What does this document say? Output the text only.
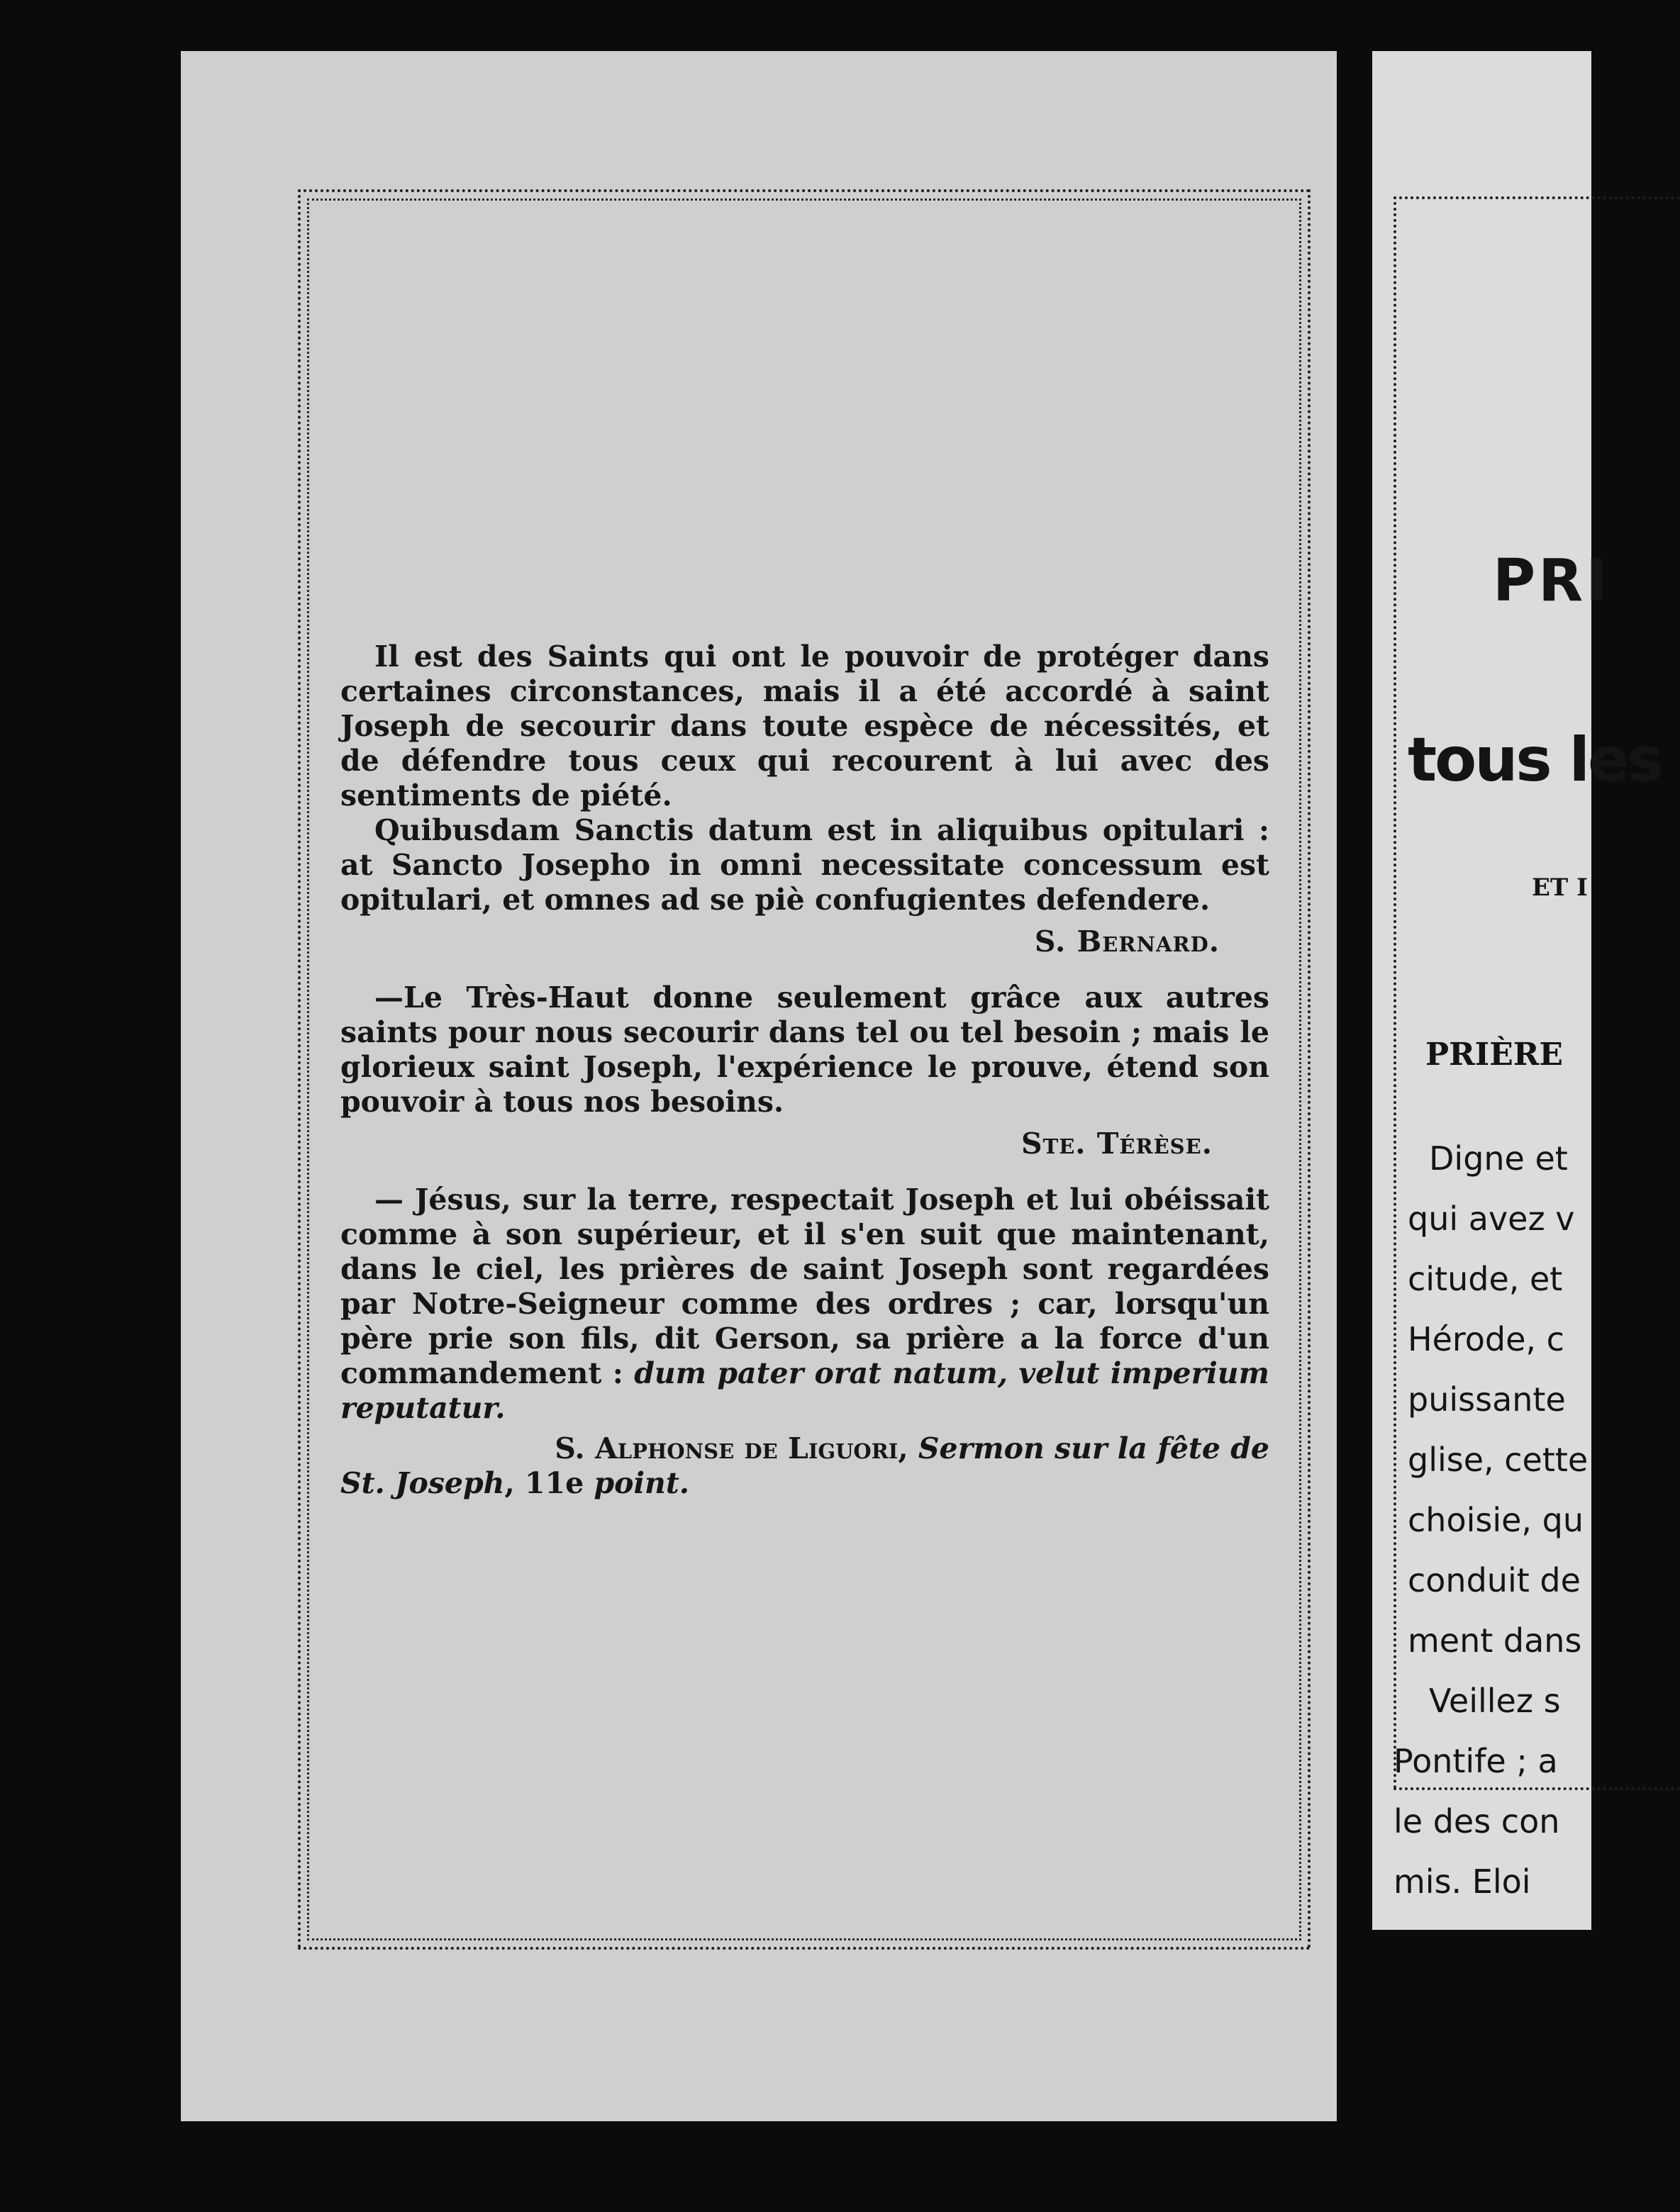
Il est des Saints qui ont le pouvoir de protéger dans certaines circonstances, mais il a été accordé à saint Joseph de secourir dans toute espèce de nécessités, et de défendre tous ceux qui recourent à lui avec des sentiments de piété.

Quibusdam Sanctis datum est in aliquibus opitulari : at Sancto Josepho in omni necessitate concessum est opitulari, et omnes ad se piè confugientes defendere.

S. Bernard.

—Le Très-Haut donne seulement grâce aux autres saints pour nous secourir dans tel ou tel besoin ; mais le glorieux saint Joseph, l'expérience le prouve, étend son pouvoir à tous nos besoins.

Ste. Térèse.

— Jésus, sur la terre, respectait Joseph et lui obéissait comme à son supérieur, et il s'en suit que maintenant, dans le ciel, les prières de saint Joseph sont regardées par Notre-Seigneur comme des ordres ; car, lorsqu'un père prie son fils, dit Gerson, sa prière a la force d'un commandement : dum pater orat natum, velut imperium reputatur.

S. Alphonse de Liguori, Sermon sur la fête de

St. Joseph, 11e point.

PRI
tous les
ET I
PRIÈRE
Digne et
qui avez v
citude, et
Hérode, c
puissante
glise, cette
choisie, qu
conduit de
ment dans
Veillez s
Pontife ; a
le des con
mis. Eloi
